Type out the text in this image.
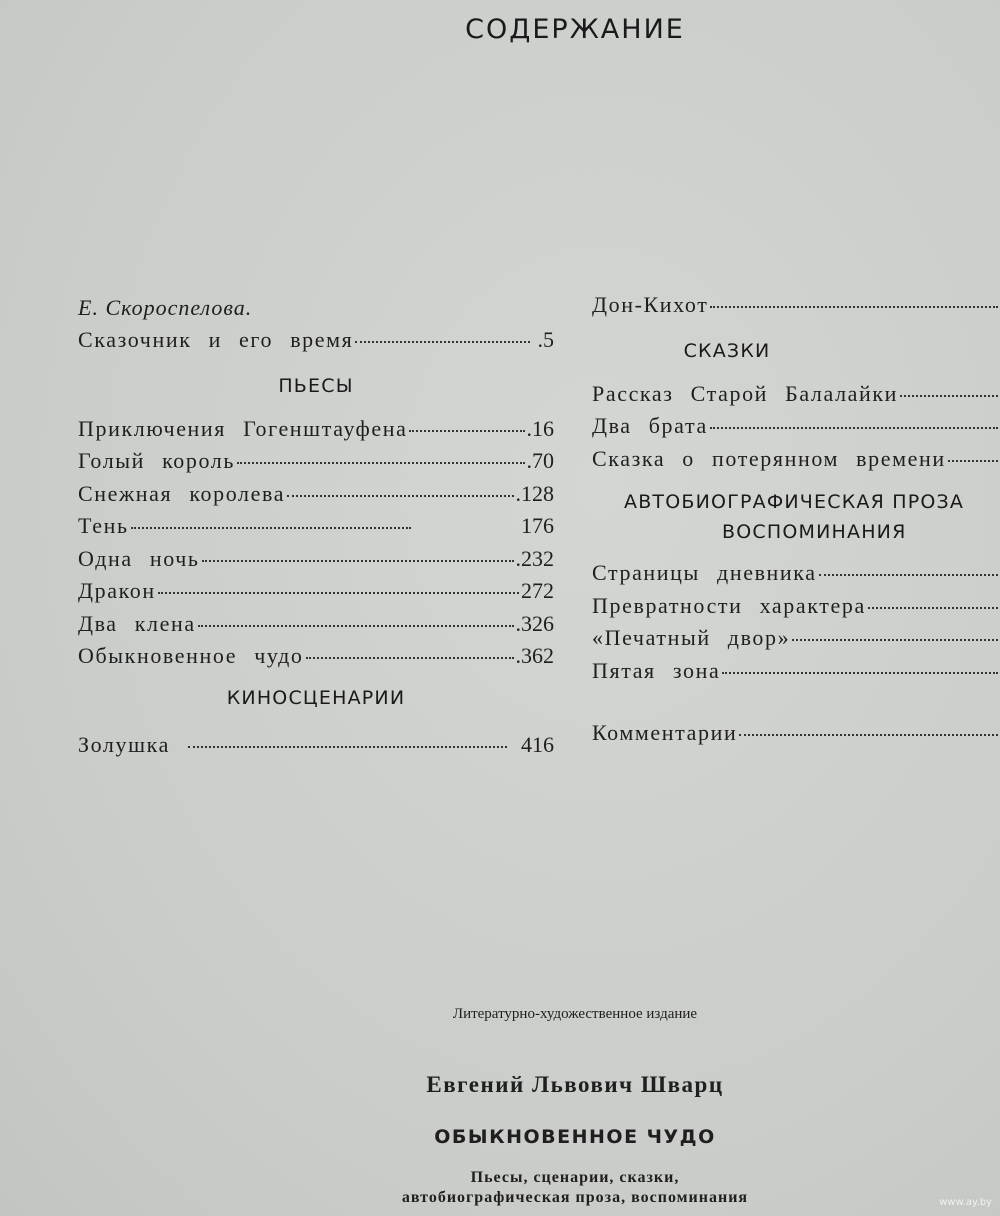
СОДЕРЖАНИЕ
Е. Скороспелова.
Сказочник и его время	.5
ПЬЕСЫ
Приключения Гогенштауфена	.16
Голый король	.70
Снежная королева	.128
Тень	176
Одна ночь	.232
Дракон	272
Два клена	.326
Обыкновенное чудо	.362
КИНОСЦЕНАРИИ
Золушка	416
Дон-Кихот
СКАЗКИ
Рассказ Старой Балалайки
Два брата
Сказка о потерянном времени
АВТОБИОГРАФИЧЕСКАЯ ПРОЗА
ВОСПОМИНАНИЯ
Страницы дневника
Превратности характера
«Печатный двор»
Пятая зона
Комментарии
Литературно-художественное издание
Евгений Львович Шварц
ОБЫКНОВЕННОЕ ЧУДО
Пьесы, сценарии, сказки,
автобиографическая проза, воспоминания	www.ay.by
